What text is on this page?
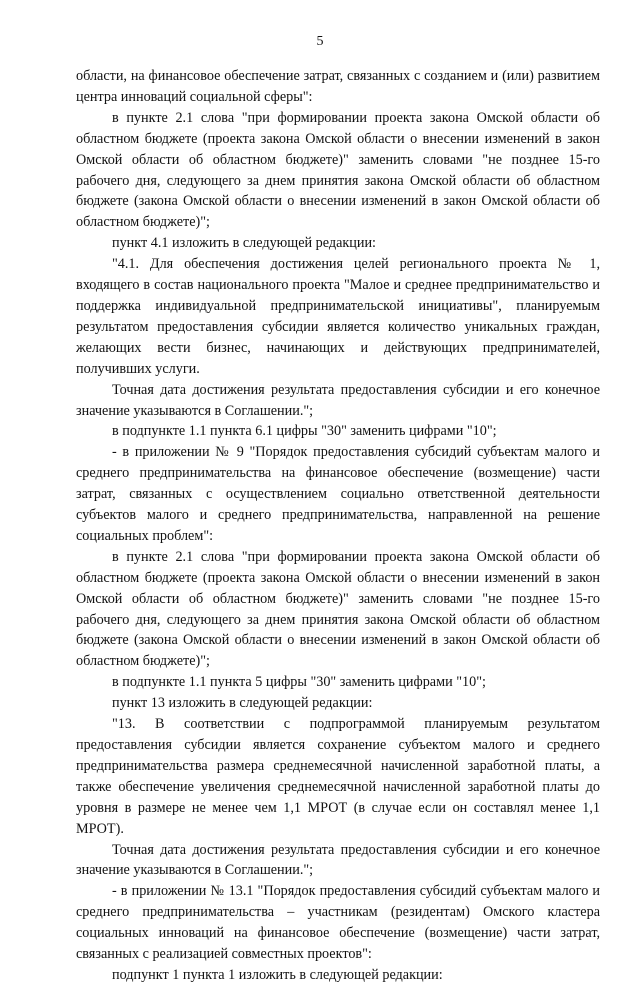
5

области, на финансовое обеспечение затрат, связанных с созданием и (или) развитием центра инноваций социальной сферы":

в пункте 2.1 слова "при формировании проекта закона Омской области об областном бюджете (проекта закона Омской области о внесении изменений в закон Омской области об областном бюджете)" заменить словами "не позднее 15-го рабочего дня, следующего за днем принятия закона Омской области об областном бюджете (закона Омской области о внесении изменений в закон Омской области об областном бюджете)";

пункт 4.1 изложить в следующей редакции:

"4.1. Для обеспечения достижения целей регионального проекта № 1, входящего в состав национального проекта "Малое и среднее предпринимательство и поддержка индивидуальной предпринимательской инициативы", планируемым результатом предоставления субсидии является количество уникальных граждан, желающих вести бизнес, начинающих и действующих предпринимателей, получивших услуги.

Точная дата достижения результата предоставления субсидии и его конечное значение указываются в Соглашении.";

в подпункте 1.1 пункта 6.1 цифры "30" заменить цифрами "10";

- в приложении № 9 "Порядок предоставления субсидий субъектам малого и среднего предпринимательства на финансовое обеспечение (возмещение) части затрат, связанных с осуществлением социально ответственной деятельности субъектов малого и среднего предпринимательства, направленной на решение социальных проблем":

в пункте 2.1 слова "при формировании проекта закона Омской области об областном бюджете (проекта закона Омской области о внесении изменений в закон Омской области об областном бюджете)" заменить словами "не позднее 15-го рабочего дня, следующего за днем принятия закона Омской области об областном бюджете (закона Омской области о внесении изменений в закон Омской области об областном бюджете)";

в подпункте 1.1 пункта 5 цифры "30" заменить цифрами "10";

пункт 13 изложить в следующей редакции:

"13. В соответствии с подпрограммой планируемым результатом предоставления субсидии является сохранение субъектом малого и среднего предпринимательства размера среднемесячной начисленной заработной платы, а также обеспечение увеличения среднемесячной начисленной заработной платы до уровня в размере не менее чем 1,1 МРОТ (в случае если он составлял менее 1,1 МРОТ).

Точная дата достижения результата предоставления субсидии и его конечное значение указываются в Соглашении.";

- в приложении № 13.1 "Порядок предоставления субсидий субъектам малого и среднего предпринимательства – участникам (резидентам) Омского кластера социальных инноваций на финансовое обеспечение (возмещение) части затрат, связанных с реализацией совместных проектов":

подпункт 1 пункта 1 изложить в следующей редакции:
